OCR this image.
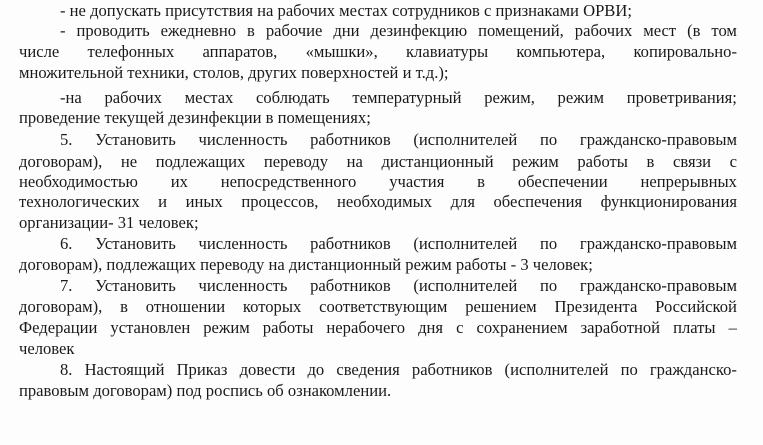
- не допускать присутствия на рабочих местах сотрудников с признаками ОРВИ;
- проводить ежедневно в рабочие дни дезинфекцию помещений, рабочих мест (в том
числе телефонных аппаратов, «мышки», клавиатуры компьютера, копировально-
множительной техники, столов, других поверхностей и т.д.);
-на рабочих местах соблюдать температурный режим, режим проветривания;
проведение текущей дезинфекции в помещениях;
5. Установить численность работников (исполнителей по гражданско-правовым
договорам), не подлежащих переводу на дистанционный режим работы в связи с
необходимостью их непосредственного участия в обеспечении непрерывных
технологических и иных процессов, необходимых для обеспечения функционирования
организации- 31 человек;
6. Установить численность работников (исполнителей по гражданско-правовым
договорам), подлежащих переводу на дистанционный режим работы - 3 человек;
7. Установить численность работников (исполнителей по гражданско-правовым
договорам), в отношении которых соответствующим решением Президента Российской
Федерации установлен режим работы нерабочего дня с сохранением заработной платы –
человек
8. Настоящий Приказ довести до сведения работников (исполнителей по гражданско-
правовым договорам) под роспись об ознакомлении.
